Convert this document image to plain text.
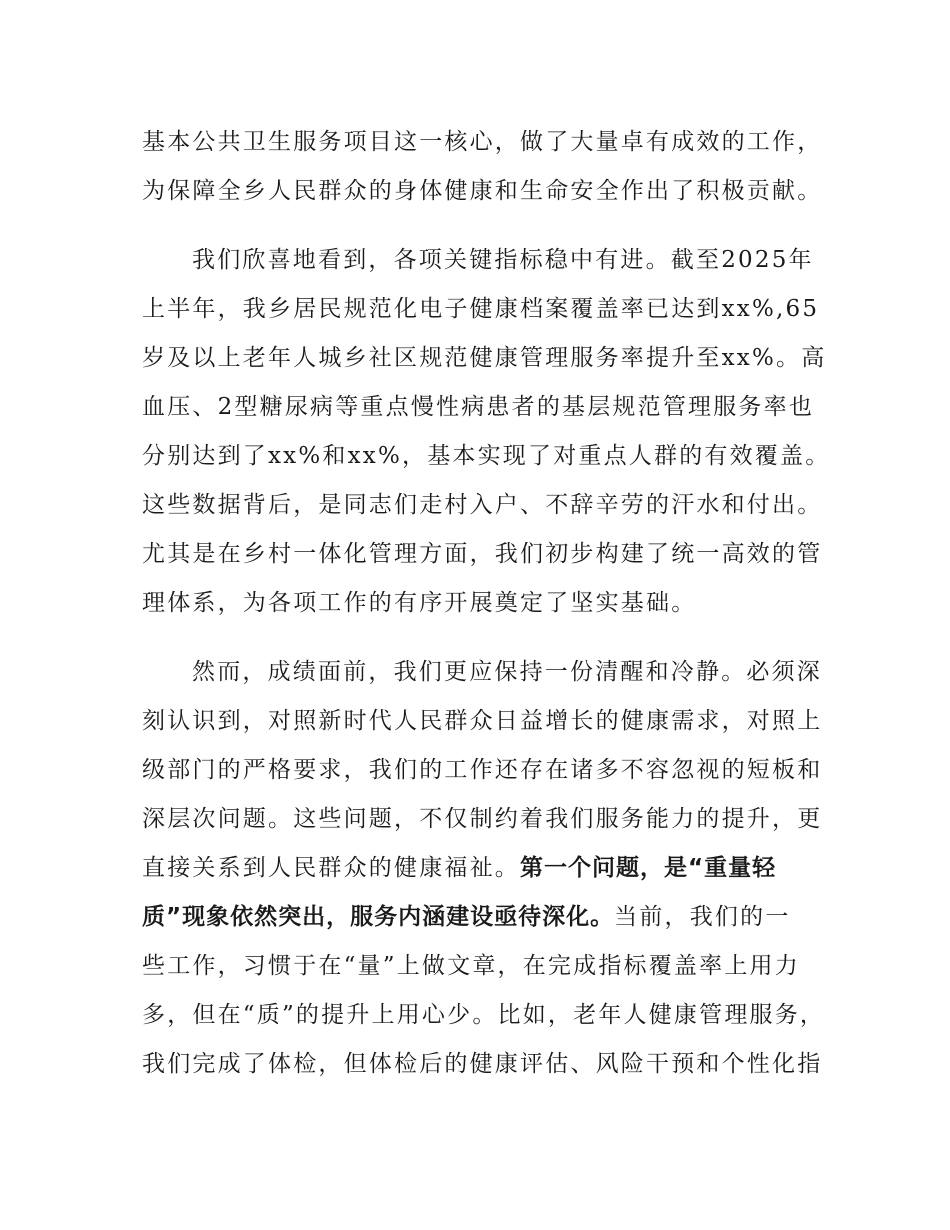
基本公共卫生服务项目这一核心，做了大量卓有成效的工作，
为保障全乡人民群众的身体健康和生命安全作出了积极贡献。
我们欣喜地看到，各项关键指标稳中有进。截至2025年
上半年，我乡居民规范化电子健康档案覆盖率已达到xx%,65
岁及以上老年人城乡社区规范健康管理服务率提升至xx%。高
血压、2型糖尿病等重点慢性病患者的基层规范管理服务率也
分别达到了xx%和xx%，基本实现了对重点人群的有效覆盖。
这些数据背后，是同志们走村入户、不辞辛劳的汗水和付出。
尤其是在乡村一体化管理方面，我们初步构建了统一高效的管
理体系，为各项工作的有序开展奠定了坚实基础。
然而，成绩面前，我们更应保持一份清醒和冷静。必须深
刻认识到，对照新时代人民群众日益增长的健康需求，对照上
级部门的严格要求，我们的工作还存在诸多不容忽视的短板和
深层次问题。这些问题，不仅制约着我们服务能力的提升，更
直接关系到人民群众的健康福祉。第一个问题，是“重量轻
质”现象依然突出，服务内涵建设亟待深化。当前，我们的一
些工作，习惯于在“量”上做文章，在完成指标覆盖率上用力
多，但在“质”的提升上用心少。比如，老年人健康管理服务，
我们完成了体检，但体检后的健康评估、风险干预和个性化指
